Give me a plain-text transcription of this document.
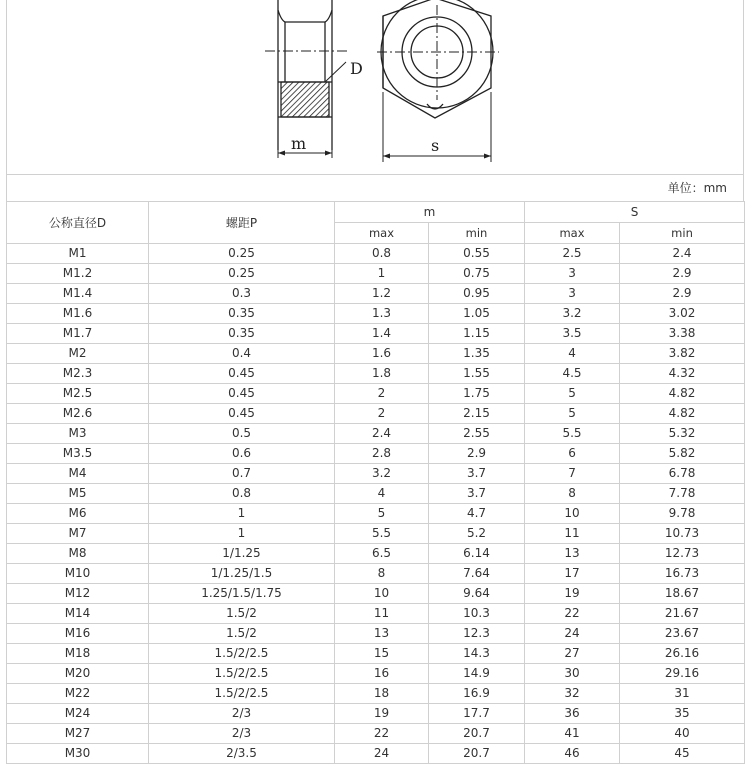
D
m	s
单位：mm
公称直径D	螺距P	m		S	
		max	min	max	min
M1	0.25	0.8	0.55	2.5	2.4
M1.2	0.25	1	0.75	3	2.9
M1.4	0.3	1.2	0.95	3	2.9
M1.6	0.35	1.3	1.05	3.2	3.02
M1.7	0.35	1.4	1.15	3.5	3.38
M2	0.4	1.6	1.35	4	3.82
M2.3	0.45	1.8	1.55	4.5	4.32
M2.5	0.45	2	1.75	5	4.82
M2.6	0.45	2	2.15	5	4.82
M3	0.5	2.4	2.55	5.5	5.32
M3.5	0.6	2.8	2.9	6	5.82
M4	0.7	3.2	3.7	7	6.78
M5	0.8	4	3.7	8	7.78
M6	1	5	4.7	10	9.78
M7	1	5.5	5.2	11	10.73
M8	1/1.25	6.5	6.14	13	12.73
M10	1/1.25/1.5	8	7.64	17	16.73
M12	1.25/1.5/1.75	10	9.64	19	18.67
M14	1.5/2	11	10.3	22	21.67
M16	1.5/2	13	12.3	24	23.67
M18	1.5/2/2.5	15	14.3	27	26.16
M20	1.5/2/2.5	16	14.9	30	29.16
M22	1.5/2/2.5	18	16.9	32	31
M24	2/3	19	17.7	36	35
M27	2/3	22	20.7	41	40
M30	2/3.5	24	20.7	46	45
